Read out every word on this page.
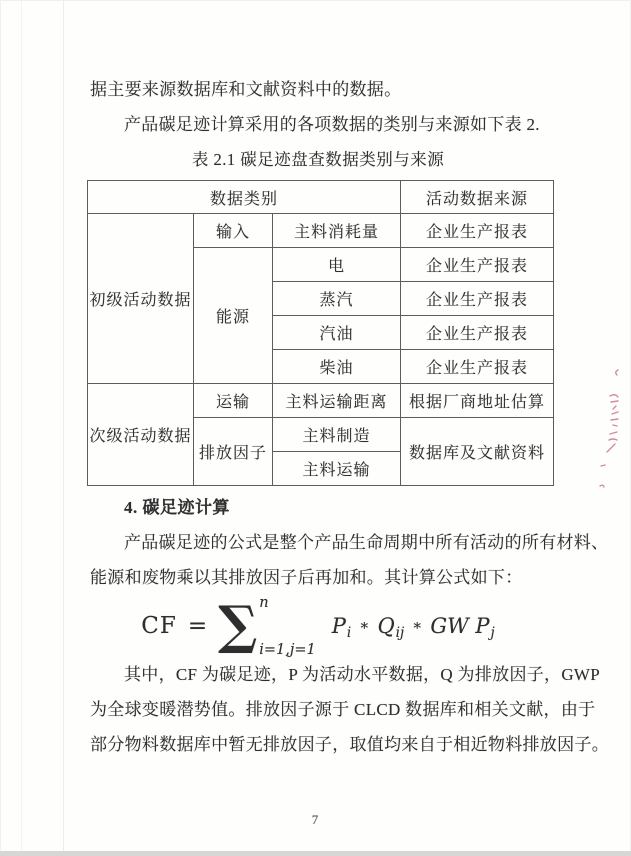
据主要来源数据库和文献资料中的数据。

产品碳足迹计算采用的各项数据的类别与来源如下表 2.

表 2.1 碳足迹盘查数据类别与来源

数据类别			活动数据来源
初级活动数据	输入	主料消耗量	企业生产报表
	能源	电	企业生产报表
		蒸汽	企业生产报表
		汽油	企业生产报表
		柴油	企业生产报表
次级活动数据	运输	主料运输距离	根据厂商地址估算
	排放因子	主料制造	数据库及文献资料
		主料运输	

4. 碳足迹计算

产品碳足迹的公式是整个产品生命周期中所有活动的所有材料、

能源和废物乘以其排放因子后再加和。其计算公式如下：

CF = ∑ n
i=1,j=1
$P_i$ ∗ $Q_{ij}$ ∗ GW $P_j$

其中，CF 为碳足迹，P 为活动水平数据，Q 为排放因子，GWP

为全球变暖潜势值。排放因子源于 CLCD 数据库和相关文献，由于

部分物料数据库中暂无排放因子，取值均来自于相近物料排放因子。

7
